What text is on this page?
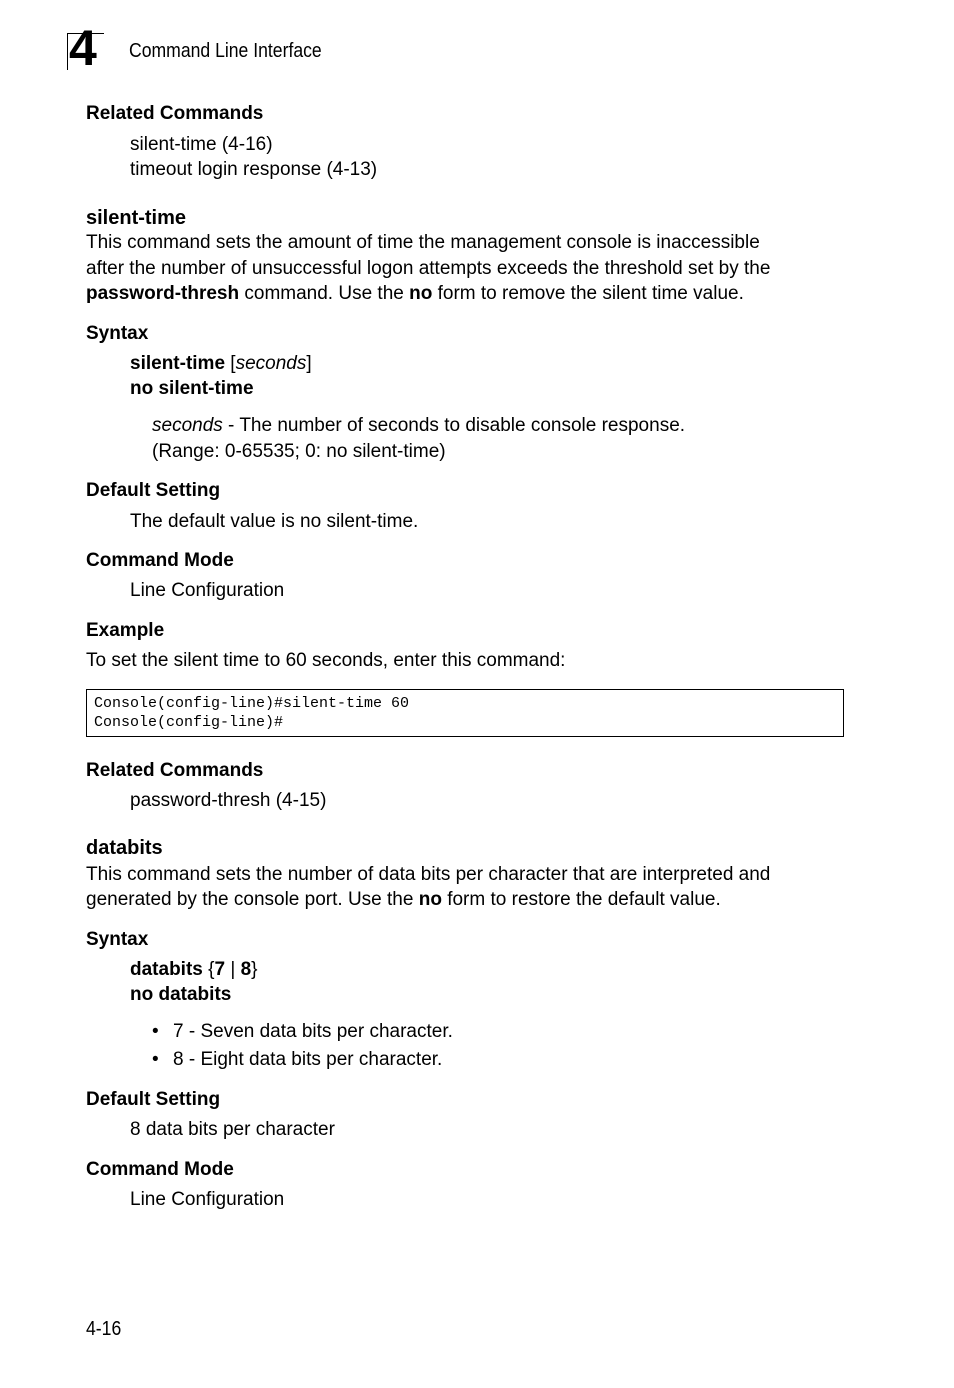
4 Command Line Interface
Related Commands
silent-time (4-16)
timeout login response (4-13)
silent-time
This command sets the amount of time the management console is inaccessible
after the number of unsuccessful logon attempts exceeds the threshold set by the
password-thresh command. Use the no form to remove the silent time value.
Syntax
silent-time [seconds]
no silent-time
seconds - The number of seconds to disable console response.
(Range: 0-65535; 0: no silent-time)
Default Setting
The default value is no silent-time.
Command Mode
Line Configuration
Example
To set the silent time to 60 seconds, enter this command:
Console(config-line)#silent-time 60
Console(config-line)#
Related Commands
password-thresh (4-15)
databits
This command sets the number of data bits per character that are interpreted and
generated by the console port. Use the no form to restore the default value.
Syntax
databits {7 | 8}
no databits
• 7 - Seven data bits per character.
• 8 - Eight data bits per character.
Default Setting
8 data bits per character
Command Mode
Line Configuration
4-16
